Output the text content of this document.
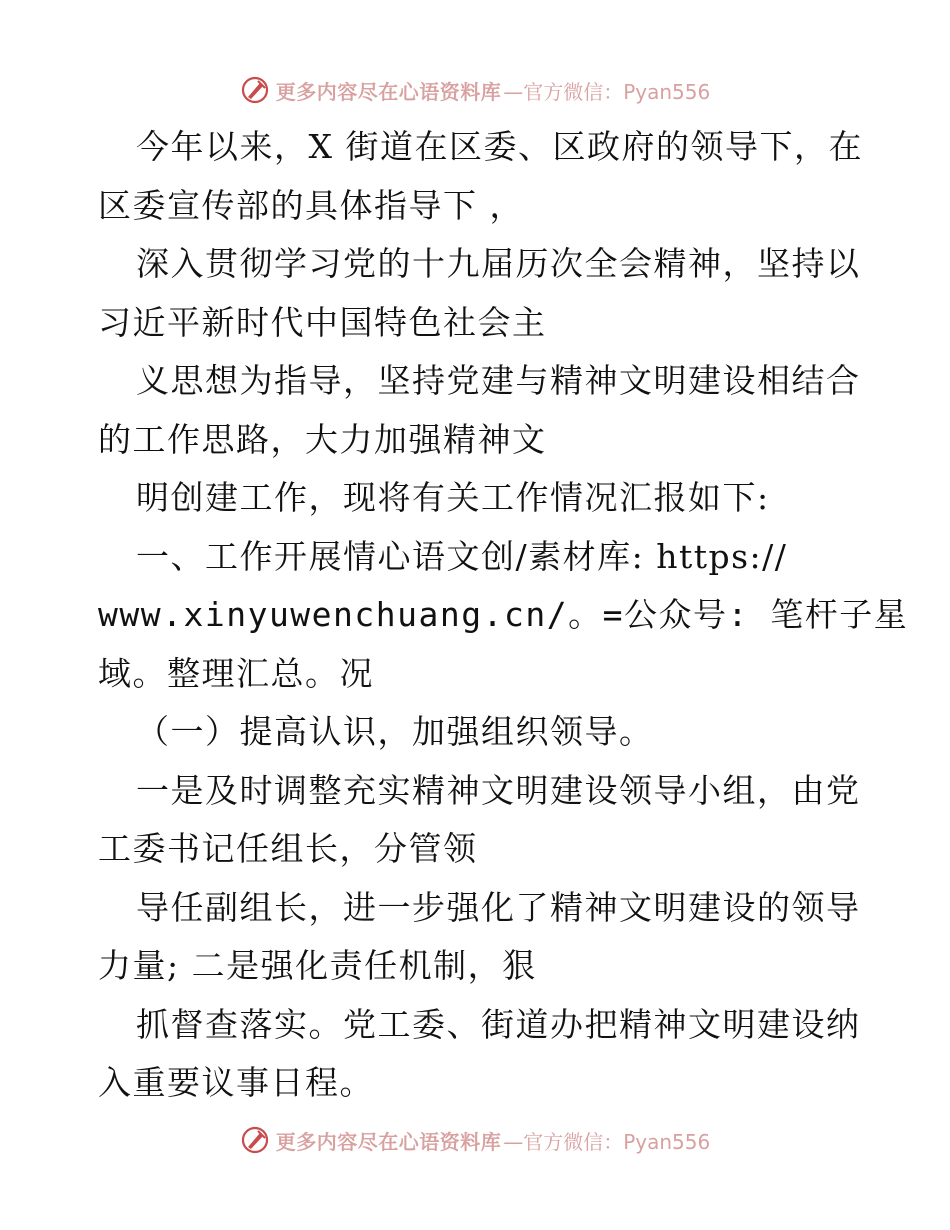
更多内容尽在心语资料库 —官方微信：Pyan556
今年以来，X 街道在区委、区政府的领导下，在
区委宣传部的具体指导下 ，
深入贯彻学习党的十九届历次全会精神，坚持以
习近平新时代中国特色社会主
义思想为指导，坚持党建与精神文明建设相结合
的工作思路，大力加强精神文
明创建工作，现将有关工作情况汇报如下:
一、工作开展情心语文创/素材库: https://
www.xinyuwenchuang.cn/。=公众号: 笔杆子星
域。整理汇总。况
（一）提高认识，加强组织领导。
一是及时调整充实精神文明建设领导小组，由党
工委书记任组长，分管领
导任副组长，进一步强化了精神文明建设的领导
力量; 二是强化责任机制，狠
抓督查落实。党工委、街道办把精神文明建设纳
入重要议事日程。
更多内容尽在心语资料库 —官方微信：Pyan556
